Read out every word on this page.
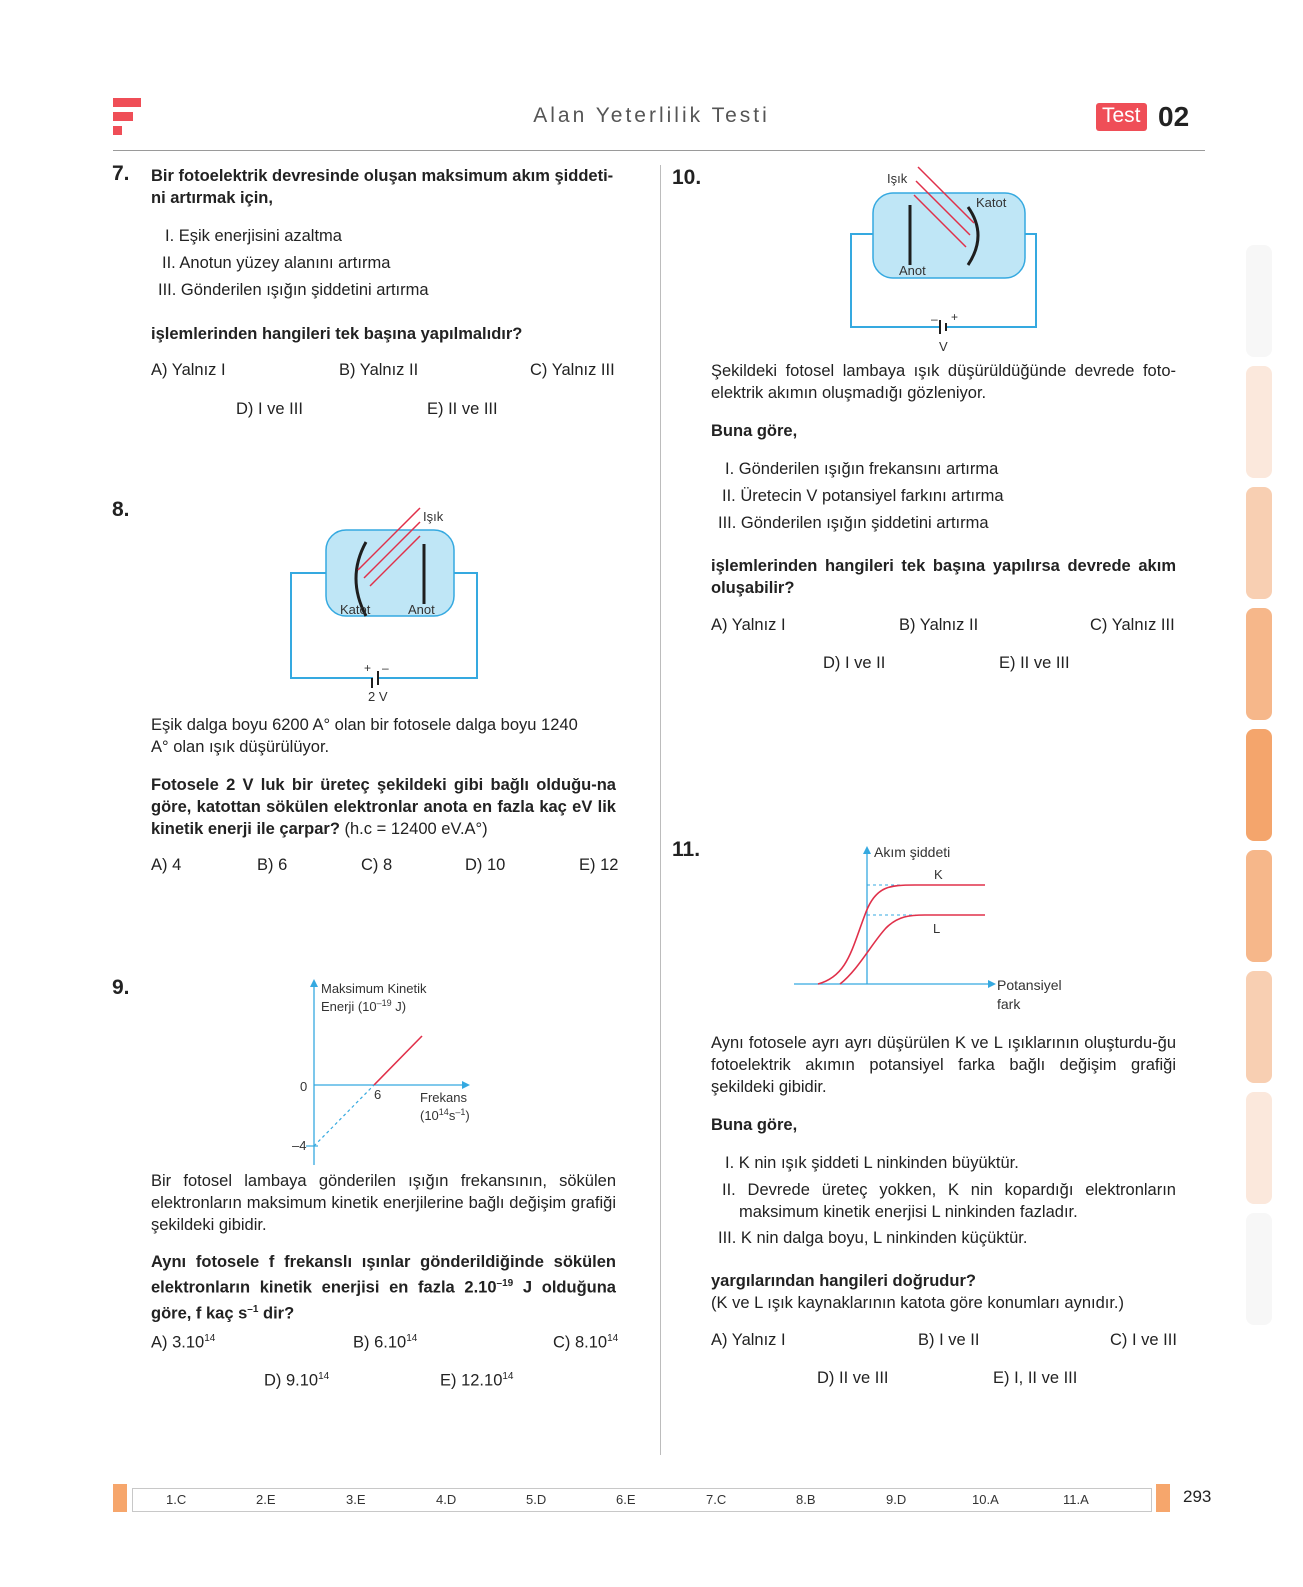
Alan Yeterlilik Testi	Test 02
7. Bir fotoelektrik devresinde oluşan maksimum akım şiddeti-ni artırmak için,
I. Eşik enerjisini azaltma
II. Anotun yüzey alanını artırma
III. Gönderilen ışığın şiddetini artırma
işlemlerinden hangileri tek başına yapılmalıdır?
A) Yalnız I	B) Yalnız II	C) Yalnız III
D) I ve III	E) II ve III
8.	Işık
Katot	Anot
+ –
2 V
Eşik dalga boyu 6200 A° olan bir fotosele dalga boyu 1240 A° olan ışık düşürülüyor.
Fotosele 2 V luk bir üreteç şekildeki gibi bağlı olduğu-na göre, katottan sökülen elektronlar anota en fazla kaç eV lik kinetik enerji ile çarpar? (h.c = 12400 eV.A°)
A) 4	B) 6	C) 8	D) 10	E) 12
9.	Maksimum Kinetik
Enerji ($10^{-19}$ J)
0
–4
6	Frekans
$(10^{14}s^{-1})$
Bir fotosel lambaya gönderilen ışığın frekansının, sökülen elektronların maksimum kinetik enerjilerine bağlı değişim grafiği şekildeki gibidir.
Aynı fotosele f frekanslı ışınlar gönderildiğinde sökülen elektronların kinetik enerjisi en fazla $2.10^{-19}$ J olduğuna göre, f kaç $s^{-1}$ dir?
A) 3.10$^{14}$	B) 6.10$^{14}$	C) 8.10$^{14}$
D) 9.10$^{14}$	E) 12.10$^{14}$
10.	Işık
Katot
Anot
– +
V
Şekildeki fotosel lambaya ışık düşürüldüğünde devrede foto-elektrik akımın oluşmadığı gözleniyor.
Buna göre,
I. Gönderilen ışığın frekansını artırma
II. Üretecin V potansiyel farkını artırma
III. Gönderilen ışığın şiddetini artırma
işlemlerinden hangileri tek başına yapılırsa devrede akım oluşabilir?
A) Yalnız I	B) Yalnız II	C) Yalnız III
D) I ve II	E) II ve III
11.	Akım şiddeti
K
L
Potansiyel
fark
Aynı fotosele ayrı ayrı düşürülen K ve L ışıklarının oluşturdu-ğu fotoelektrik akımın potansiyel farka bağlı değişim grafiği şekildeki gibidir.
Buna göre,
I. K nin ışık şiddeti L ninkinden büyüktür.
II. Devrede üreteç yokken, K nin kopardığı elektronların maksimum kinetik enerjisi L ninkinden fazladır.
III. K nin dalga boyu, L ninkinden küçüktür.
yargılarından hangileri doğrudur?
(K ve L ışık kaynaklarının katota göre konumları aynıdır.)
A) Yalnız I	B) I ve II	C) I ve III
D) II ve III	E) I, II ve III
1.C	2.E	3.E	4.D	5.D	6.E	7.C	8.B	9.D	10.A	11.A	293
